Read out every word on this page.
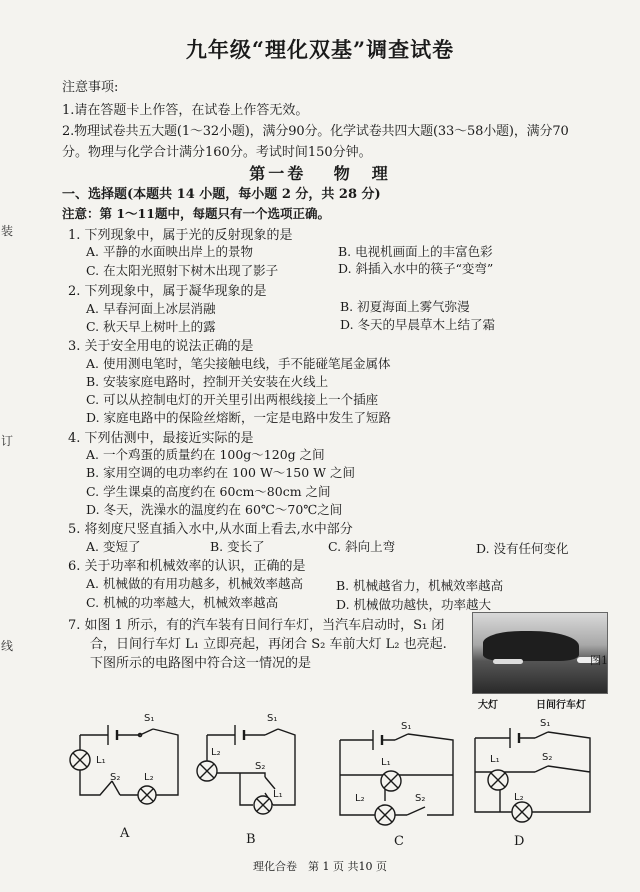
九年级“理化双基”调查试卷
注意事项:
1.请在答题卡上作答，在试卷上作答无效。
2.物理试卷共五大题(1～32小题)，满分90分。化学试卷共四大题(33～58小题)，满分70
分。物理与化学合计满分160分。考试时间150分钟。
第一卷　 物　理
一、选择题(本题共 14 小题，每小题 2 分，共 28 分)
注意：第 1～11题中，每题只有一个选项正确。
1. 下列现象中，属于光的反射现象的是
A. 平静的水面映出岸上的景物	B. 电视机画面上的丰富色彩
C. 在太阳光照射下树木出现了影子	D. 斜插入水中的筷子“变弯”
2. 下列现象中，属于凝华现象的是
A. 早春河面上冰层消融	B. 初夏海面上雾气弥漫
C. 秋天早上树叶上的露	D. 冬天的早晨草木上结了霜
3. 关于安全用电的说法正确的是
A. 使用测电笔时，笔尖接触电线，手不能碰笔尾金属体
B. 安装家庭电路时，控制开关安装在火线上
C. 可以从控制电灯的开关里引出两根线接上一个插座
D. 家庭电路中的保险丝熔断，一定是电路中发生了短路
4. 下列估测中，最接近实际的是
A. 一个鸡蛋的质量约在 100g～120g 之间
B. 家用空调的电功率约在 100 W～150 W 之间
C. 学生课桌的高度约在 60cm～80cm 之间
D. 冬天，洗澡水的温度约在 60℃～70℃之间
5. 将刻度尺竖直插入水中,从水面上看去,水中部分
A. 变短了	B. 变长了	C. 斜向上弯	D. 没有任何变化
6. 关于功率和机械效率的认识，正确的是
A. 机械做的有用功越多，机械效率越高	B. 机械越省力，机械效率越高
C. 机械的功率越大，机械效率越高	D. 机械做功越快，功率越大
7. 如图 1 所示，有的汽车装有日间行车灯，当汽车启动时，S₁ 闭
合，日间行车灯 L₁ 立即亮起，再闭合 S₂ 车前大灯 L₂ 也亮起.
下图所示的电路图中符合这一情况的是	图1
大灯	日间行车灯
S₁
L₁
S₂ L₂
A
S₁
L₂
S₂
L₁
B
S₁
L₁
L₂	S₂
C
S₁
L₁	S₂
L₂
D
装
订
线
理化合卷　第 1 页 共10 页
